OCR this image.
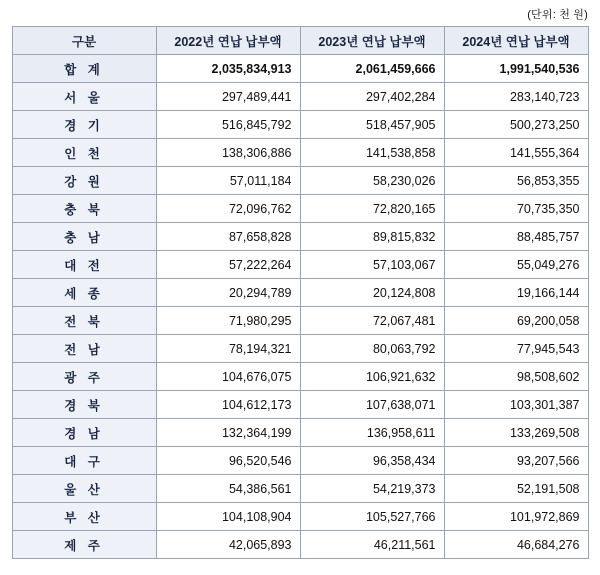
(단위: 천 원)
구분	2022년 연납 납부액	2023년 연납 납부액	2024년 연납 납부액
합 계	2,035,834,913	2,061,459,666	1,991,540,536
서 울	297,489,441	297,402,284	283,140,723
경 기	516,845,792	518,457,905	500,273,250
인 천	138,306,886	141,538,858	141,555,364
강 원	57,011,184	58,230,026	56,853,355
충 북	72,096,762	72,820,165	70,735,350
충 남	87,658,828	89,815,832	88,485,757
대 전	57,222,264	57,103,067	55,049,276
세 종	20,294,789	20,124,808	19,166,144
전 북	71,980,295	72,067,481	69,200,058
전 남	78,194,321	80,063,792	77,945,543
광 주	104,676,075	106,921,632	98,508,602
경 북	104,612,173	107,638,071	103,301,387
경 남	132,364,199	136,958,611	133,269,508
대 구	96,520,546	96,358,434	93,207,566
울 산	54,386,561	54,219,373	52,191,508
부 산	104,108,904	105,527,766	101,972,869
제 주	42,065,893	46,211,561	46,684,276
